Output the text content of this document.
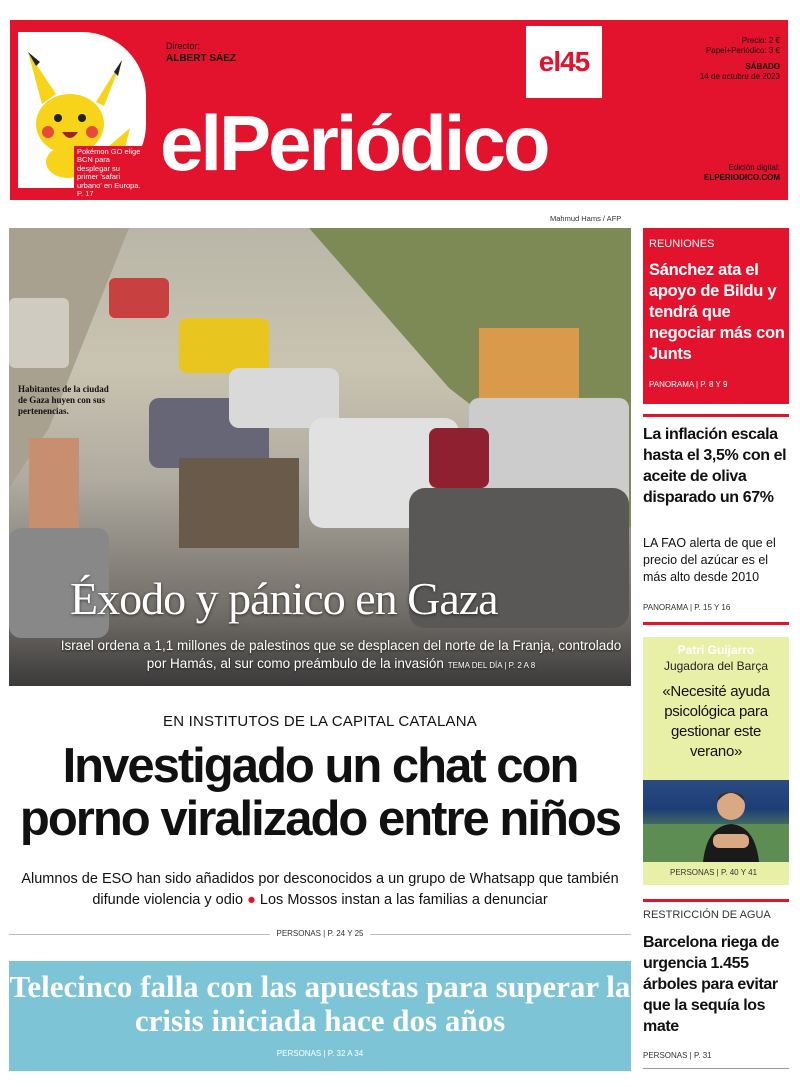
Pokémon GO elige BCN para desplegar su primer 'safari urbano' en Europa. P. 17
Director:
ALBERT SÁEZ	el45
elPeriódico
Precio: 2 €
Papel+Periódico: 3 €
SÁBADO
14 de octubre de 2023
Edición digital:
ELPERIODICO.COM
Mahmud Hams / AFP
Habitantes de la ciudad de Gaza huyen con sus pertenencias.
Éxodo y pánico en Gaza
Israel ordena a 1,1 millones de palestinos que se desplacen del norte de la Franja, controlado por Hamás, al sur como preámbulo de la invasión TEMA DEL DÍA | P. 2 A 8
REUNIONES
Sánchez ata el apoyo de Bildu y tendrá que negociar más con Junts
PANORAMA | P. 8 Y 9
La inflación escala hasta el 3,5% con el aceite de oliva disparado un 67%
LA FAO alerta de que el precio del azúcar es el más alto desde 2010
PANORAMA | P. 15 Y 16
Patri Guijarro
Jugadora del Barça
«Necesité ayuda psicológica para gestionar este verano»
PERSONAS | P. 40 Y 41
RESTRICCIÓN DE AGUA
Barcelona riega de urgencia 1.455 árboles para evitar que la sequía los mate
PERSONAS | P. 31
EN INSTITUTOS DE LA CAPITAL CATALANA
Investigado un chat con porno viralizado entre niños
Alumnos de ESO han sido añadidos por desconocidos a un grupo de Whatsapp que también difunde violencia y odio ● Los Mossos instan a las familias a denunciar
PERSONAS | P. 24 Y 25
Telecinco falla con las apuestas para superar la crisis iniciada hace dos años
PERSONAS | P. 32 A 34
